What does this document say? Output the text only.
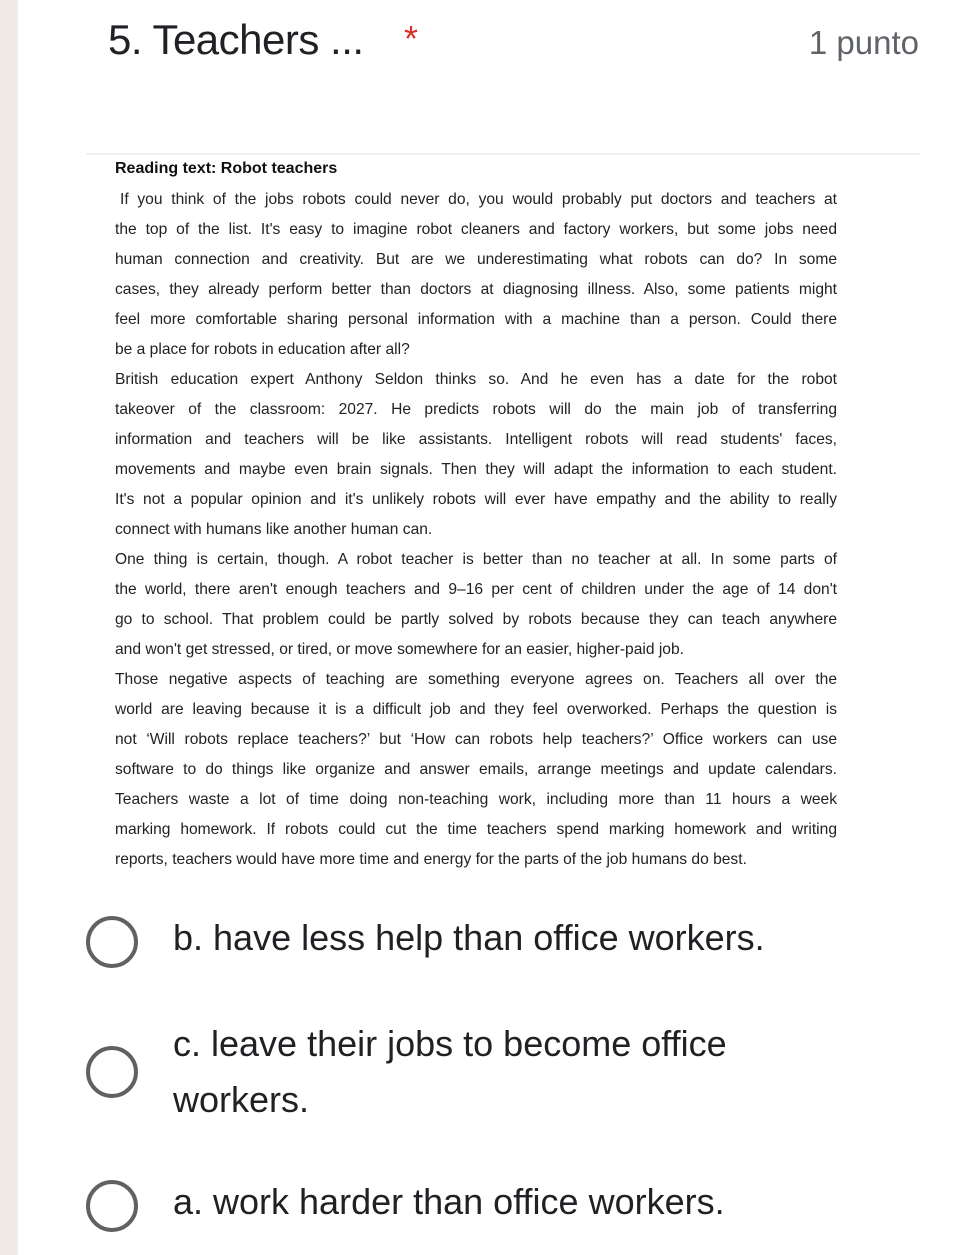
5. Teachers ... *	1 punto
Reading text: Robot teachers
If you think of the jobs robots could never do, you would probably put doctors and teachers at
the top of the list. It's easy to imagine robot cleaners and factory workers, but some jobs need
human connection and creativity. But are we underestimating what robots can do? In some
cases, they already perform better than doctors at diagnosing illness. Also, some patients might
feel more comfortable sharing personal information with a machine than a person. Could there
be a place for robots in education after all?
British education expert Anthony Seldon thinks so. And he even has a date for the robot
takeover of the classroom: 2027. He predicts robots will do the main job of transferring
information and teachers will be like assistants. Intelligent robots will read students' faces,
movements and maybe even brain signals. Then they will adapt the information to each student.
It's not a popular opinion and it's unlikely robots will ever have empathy and the ability to really
connect with humans like another human can.
One thing is certain, though. A robot teacher is better than no teacher at all. In some parts of
the world, there aren't enough teachers and 9–16 per cent of children under the age of 14 don't
go to school. That problem could be partly solved by robots because they can teach anywhere
and won't get stressed, or tired, or move somewhere for an easier, higher-paid job.
Those negative aspects of teaching are something everyone agrees on. Teachers all over the
world are leaving because it is a difficult job and they feel overworked. Perhaps the question is
not ‘Will robots replace teachers?’ but ‘How can robots help teachers?’ Office workers can use
software to do things like organize and answer emails, arrange meetings and update calendars.
Teachers waste a lot of time doing non-teaching work, including more than 11 hours a week
marking homework. If robots could cut the time teachers spend marking homework and writing
reports, teachers would have more time and energy for the parts of the job humans do best.
b. have less help than office workers.
c. leave their jobs to become office workers.
a. work harder than office workers.
